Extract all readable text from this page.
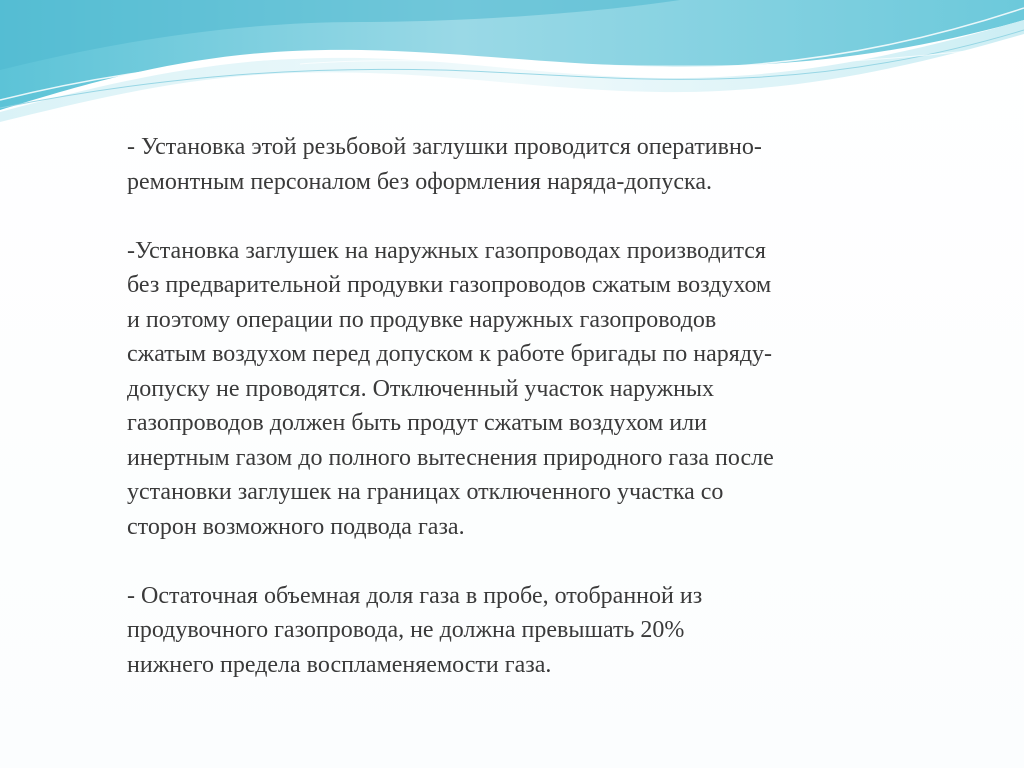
- Установка этой резьбовой заглушки проводится оперативно-
ремонтным персоналом без оформления наряда-допуска.

-Установка заглушек на наружных газопроводах производится
без предварительной продувки газопроводов сжатым воздухом
и поэтому операции по продувке наружных газопроводов
сжатым воздухом перед допуском к работе бригады по наряду-
допуску не проводятся. Отключенный участок наружных
газопроводов должен быть продут сжатым воздухом или
инертным газом до полного вытеснения природного газа после
установки заглушек на границах отключенного участка со
сторон возможного подвода газа.

- Остаточная объемная доля газа в пробе, отобранной из
продувочного газопровода, не должна превышать 20%
нижнего предела воспламеняемости газа.
